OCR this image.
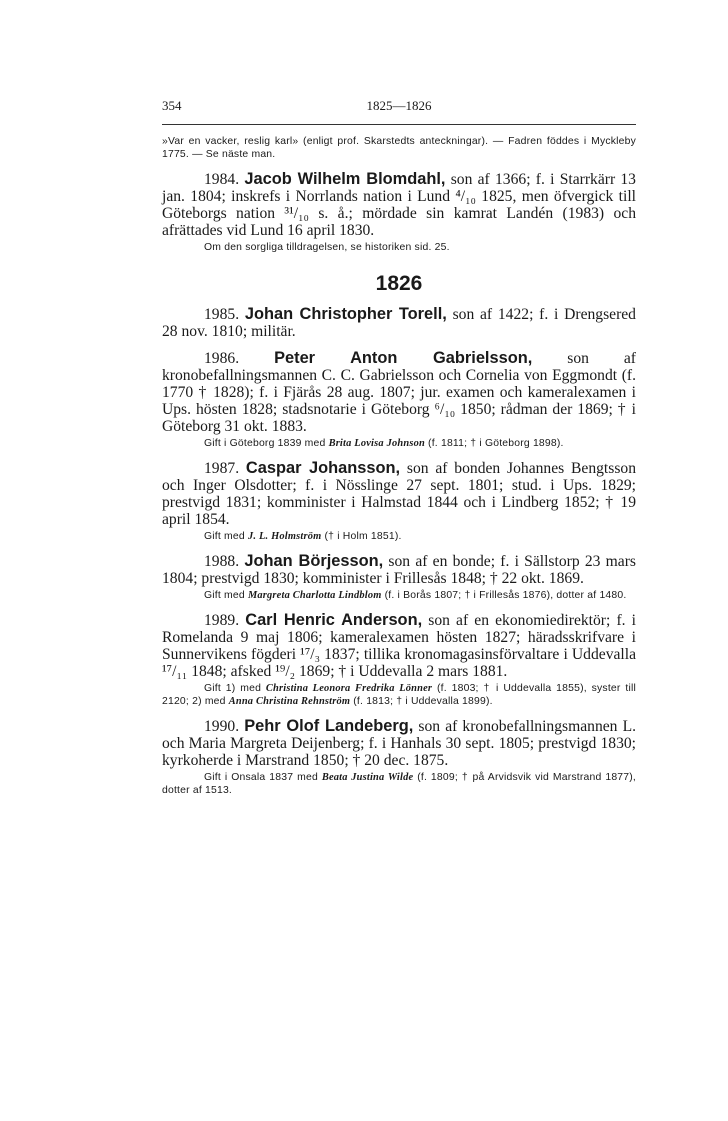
354	1825—1826

»Var en vacker, reslig karl» (enligt prof. Skarstedts anteckningar). — Fadren föddes i Myckleby 1775. — Se näste man.

1984. Jacob Wilhelm Blomdahl, son af 1366; f. i Starrkärr 13 jan. 1804; inskrefs i Norrlands nation i Lund ⁴/₁₀ 1825, men öfvergick till Göteborgs nation ³¹/₁₀ s. å.; mördade sin kamrat Landén (1983) och afrättades vid Lund 16 april 1830.

Om den sorgliga tilldragelsen, se historiken sid. 25.

1826

1985. Johan Christopher Torell, son af 1422; f. i Drengsered 28 nov. 1810; militär.

1986. Peter Anton Gabrielsson, son af kronobefallningsmannen C. C. Gabrielsson och Cornelia von Eggmondt (f. 1770 † 1828); f. i Fjärås 28 aug. 1807; jur. examen och kameralexamen i Ups. hösten 1828; stadsnotarie i Göteborg ⁶/₁₀ 1850; rådman der 1869; † i Göteborg 31 okt. 1883.

Gift i Göteborg 1839 med Brita Lovisa Johnson (f. 1811; † i Göteborg 1898).

1987. Caspar Johansson, son af bonden Johannes Bengtsson och Inger Olsdotter; f. i Nösslinge 27 sept. 1801; stud. i Ups. 1829; prestvigd 1831; komminister i Halmstad 1844 och i Lindberg 1852; † 19 april 1854.

Gift med J. L. Holmström († i Holm 1851).

1988. Johan Börjesson, son af en bonde; f. i Sällstorp 23 mars 1804; prestvigd 1830; komminister i Frillesås 1848; † 22 okt. 1869.

Gift med Margreta Charlotta Lindblom (f. i Borås 1807; † i Frillesås 1876), dotter af 1480.

1989. Carl Henric Anderson, son af en ekonomiedirektör; f. i Romelanda 9 maj 1806; kameralexamen hösten 1827; häradsskrifvare i Sunnervikens fögderi ¹⁷/₃ 1837; tillika kronomagasinsförvaltare i Uddevalla ¹⁷/₁₁ 1848; afsked ¹⁹/₂ 1869; † i Uddevalla 2 mars 1881.

Gift 1) med Christina Leonora Fredrika Lönner (f. 1803; † i Uddevalla 1855), syster till 2120; 2) med Anna Christina Rehnström (f. 1813; † i Uddevalla 1899).

1990. Pehr Olof Landeberg, son af kronobefallningsmannen L. och Maria Margreta Deijenberg; f. i Hanhals 30 sept. 1805; prestvigd 1830; kyrkoherde i Marstrand 1850; † 20 dec. 1875.

Gift i Onsala 1837 med Beata Justina Wilde (f. 1809; † på Arvidsvik vid Marstrand 1877), dotter af 1513.
